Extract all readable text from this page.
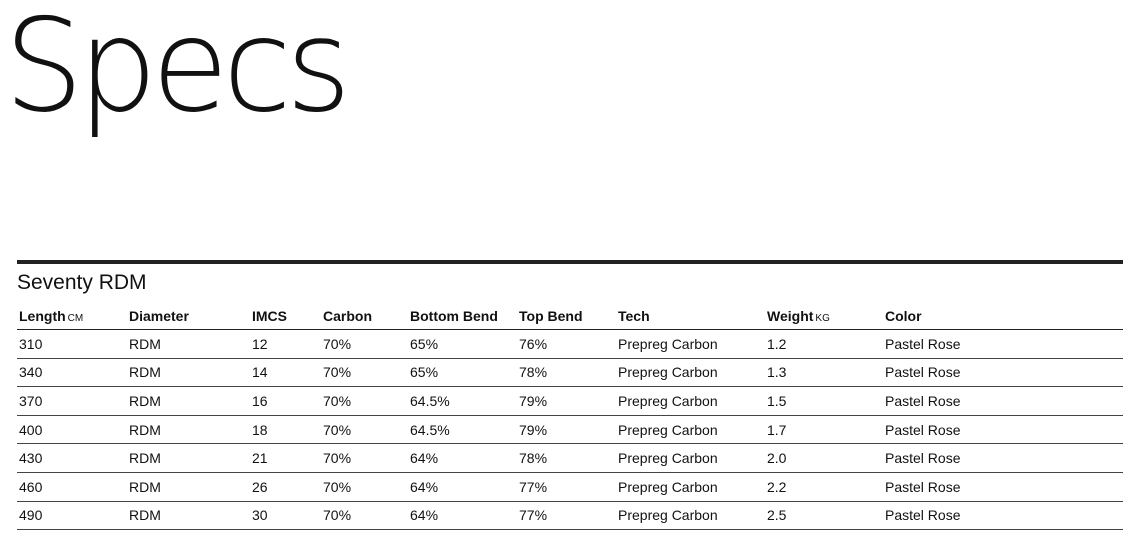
Specs
Seventy RDM
Length CM	Diameter	IMCS	Carbon	Bottom Bend	Top Bend	Tech	Weight KG	Color
310	RDM	12	70%	65%	76%	Prepreg Carbon	1.2	Pastel Rose
340	RDM	14	70%	65%	78%	Prepreg Carbon	1.3	Pastel Rose
370	RDM	16	70%	64.5%	79%	Prepreg Carbon	1.5	Pastel Rose
400	RDM	18	70%	64.5%	79%	Prepreg Carbon	1.7	Pastel Rose
430	RDM	21	70%	64%	78%	Prepreg Carbon	2.0	Pastel Rose
460	RDM	26	70%	64%	77%	Prepreg Carbon	2.2	Pastel Rose
490	RDM	30	70%	64%	77%	Prepreg Carbon	2.5	Pastel Rose
